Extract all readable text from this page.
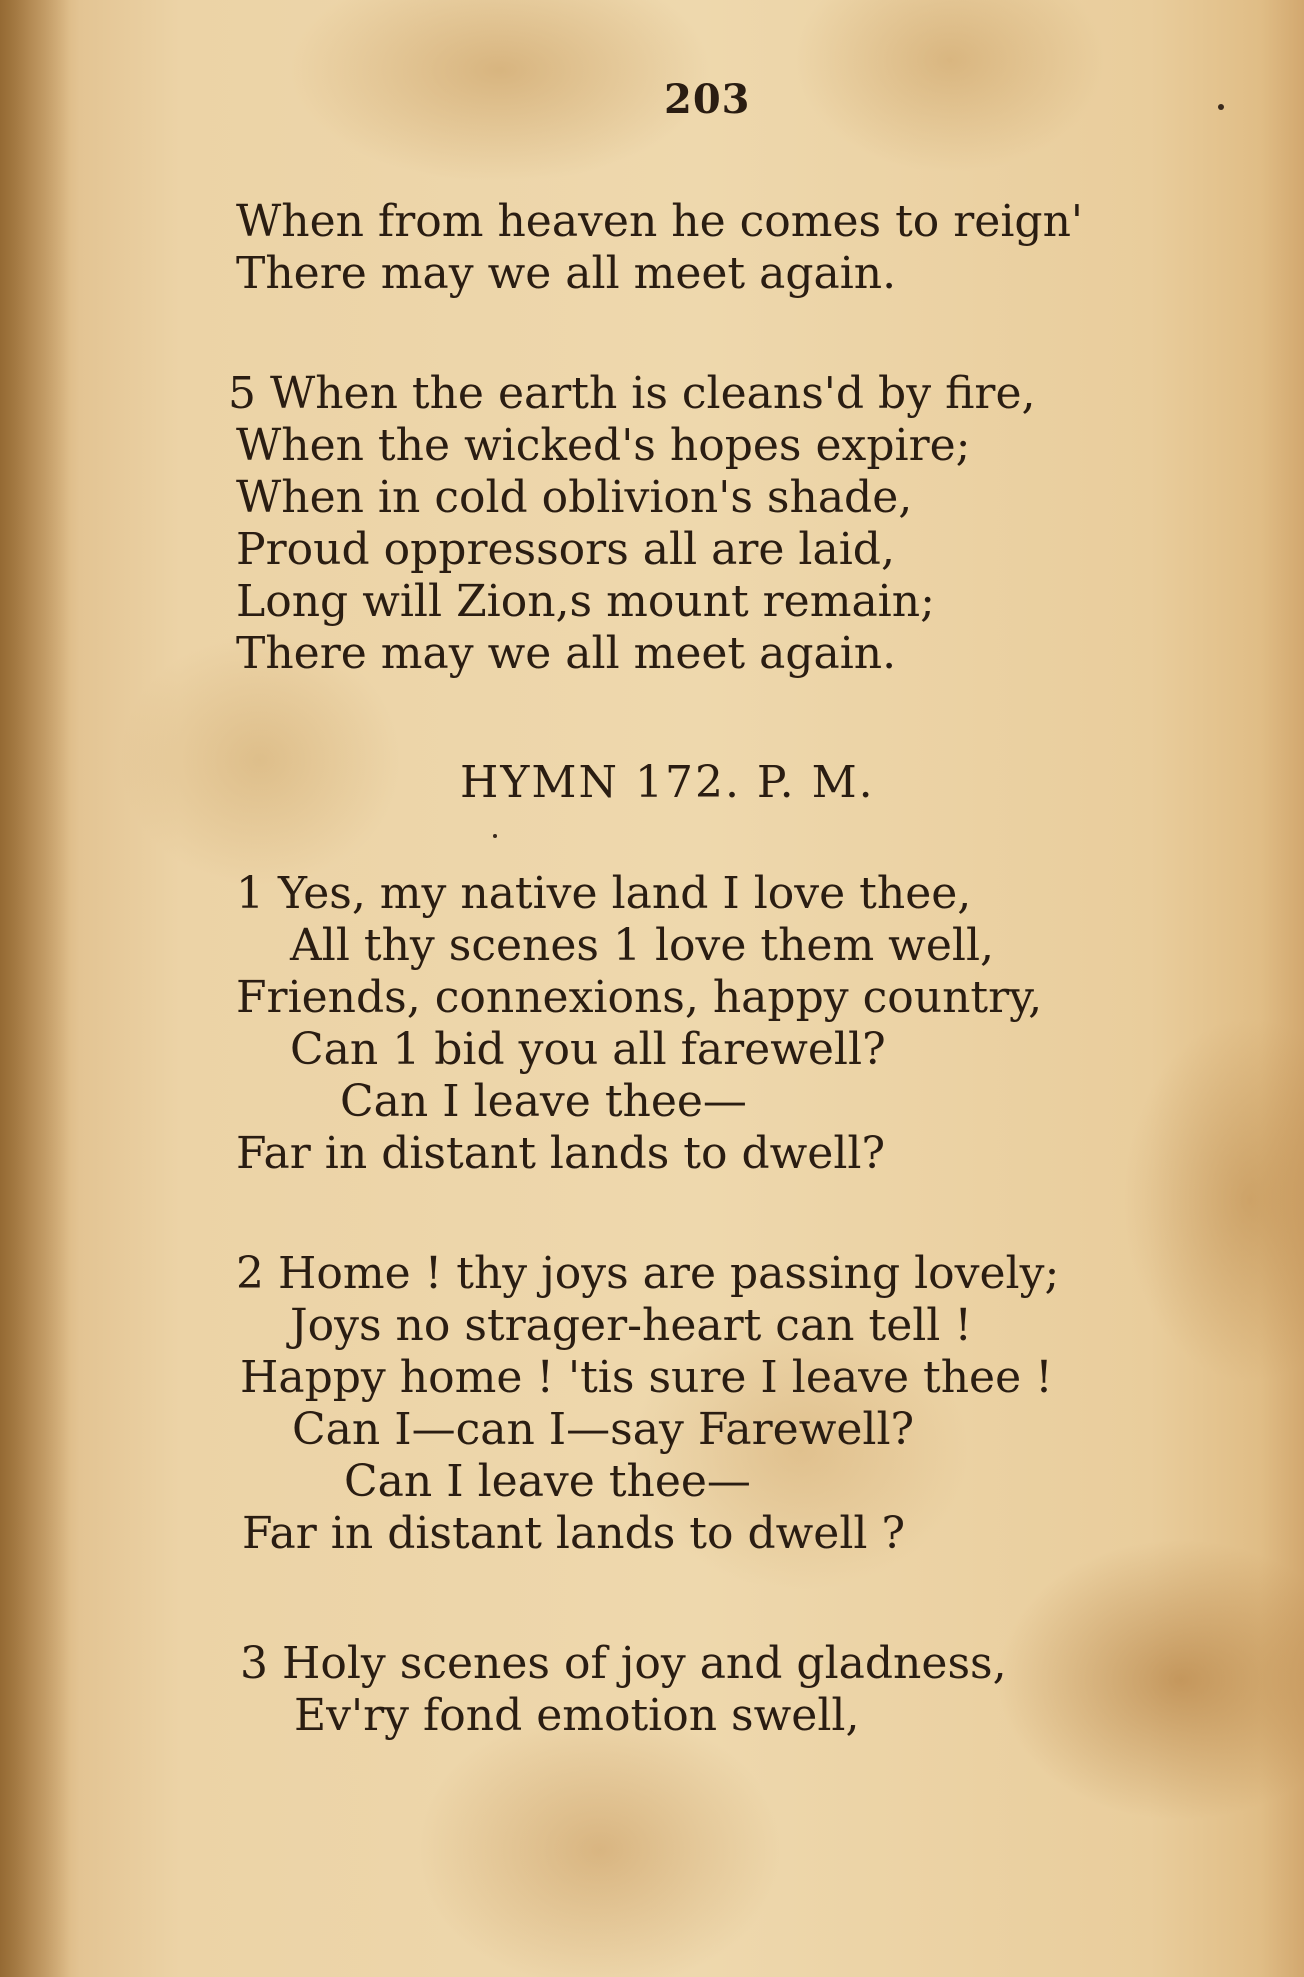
203
When from heaven he comes to reign'
There may we all meet again.
5 When the earth is cleans'd by fire,
When the wicked's hopes expire;
When in cold oblivion's shade,
Proud oppressors all are laid,
Long will Zion,s mount remain;
There may we all meet again.
HYMN 172. P. M.
1 Yes, my native land I love thee,
All thy scenes 1 love them well,
Friends, connexions, happy country,
Can 1 bid you all farewell?
Can I leave thee—
Far in distant lands to dwell?
2 Home ! thy joys are passing lovely;
Joys no strager-heart can tell !
Happy home ! 'tis sure I leave thee !
Can I—can I—say Farewell?
Can I leave thee—
Far in distant lands to dwell ?
3 Holy scenes of joy and gladness,
Ev'ry fond emotion swell,
